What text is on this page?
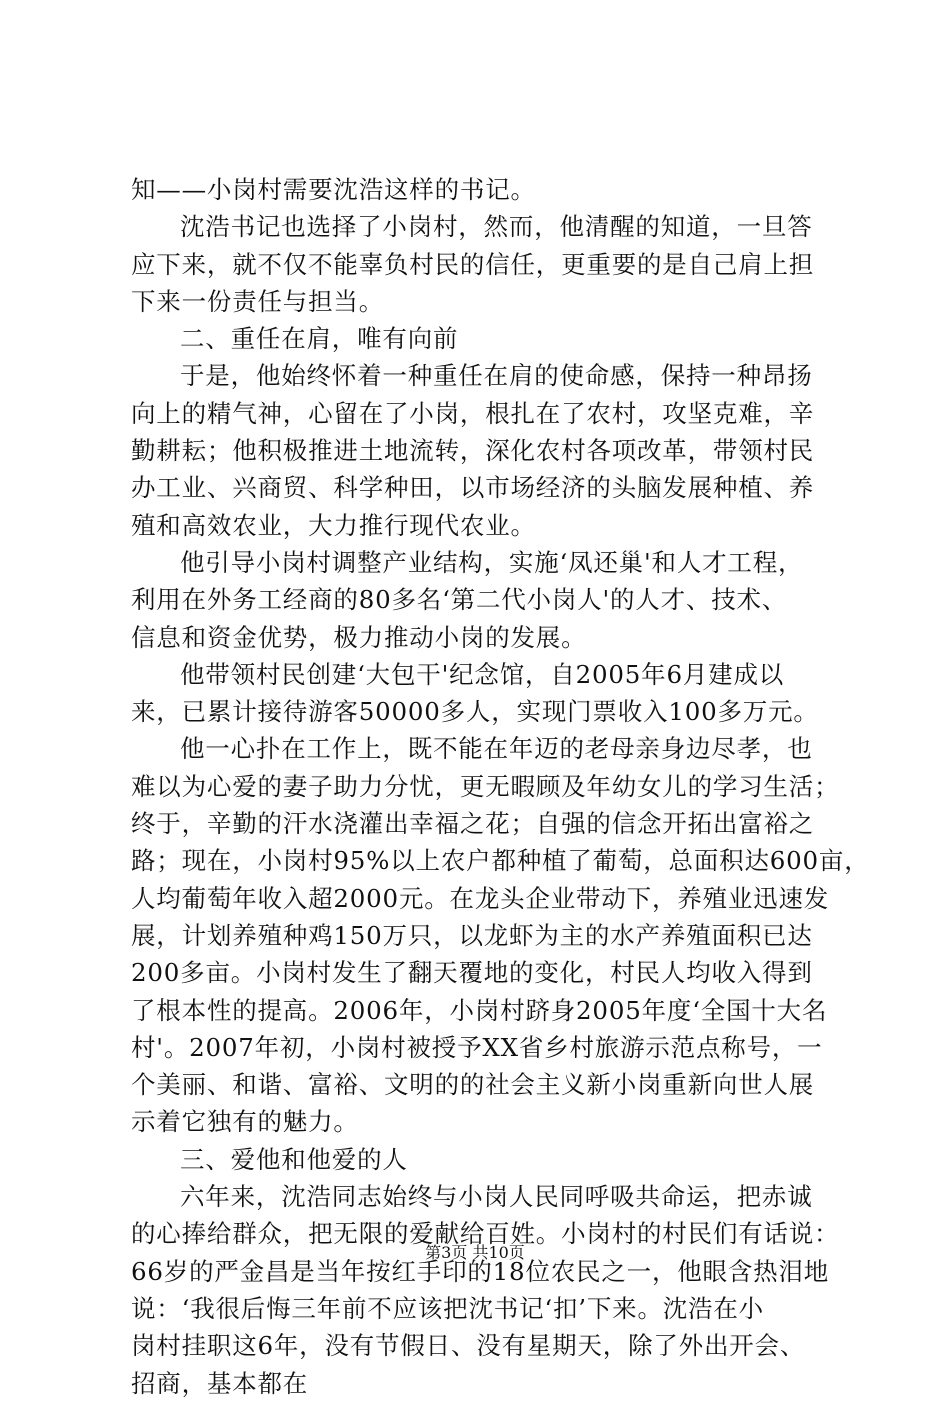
知——小岗村需要沈浩这样的书记。
沈浩书记也选择了小岗村，然而，他清醒的知道，一旦答
应下来，就不仅不能辜负村民的信任，更重要的是自己肩上担
下来一份责任与担当。
二、重任在肩，唯有向前
于是，他始终怀着一种重任在肩的使命感，保持一种昂扬
向上的精气神，心留在了小岗，根扎在了农村，攻坚克难，辛
勤耕耘；他积极推进土地流转，深化农村各项改革，带领村民
办工业、兴商贸、科学种田，以市场经济的头脑发展种植、养
殖和高效农业，大力推行现代农业。
他引导小岗村调整产业结构，实施‘凤还巢'和人才工程，
利用在外务工经商的80多名‘第二代小岗人'的人才、技术、
信息和资金优势，极力推动小岗的发展。
他带领村民创建‘大包干'纪念馆，自2005年6月建成以
来，已累计接待游客50000多人，实现门票收入100多万元。
他一心扑在工作上，既不能在年迈的老母亲身边尽孝，也
难以为心爱的妻子助力分忧，更无暇顾及年幼女儿的学习生活；
终于，辛勤的汗水浇灌出幸福之花；自强的信念开拓出富裕之
路；现在，小岗村95%以上农户都种植了葡萄，总面积达600亩，
人均葡萄年收入超2000元。在龙头企业带动下，养殖业迅速发
展，计划养殖种鸡150万只，以龙虾为主的水产养殖面积已达
200多亩。小岗村发生了翻天覆地的变化，村民人均收入得到
了根本性的提高。2006年，小岗村跻身2005年度‘全国十大名
村'。2007年初，小岗村被授予XX省乡村旅游示范点称号，一
个美丽、和谐、富裕、文明的的社会主义新小岗重新向世人展
示着它独有的魅力。
三、爱他和他爱的人
六年来，沈浩同志始终与小岗人民同呼吸共命运，把赤诚
的心捧给群众，把无限的爱献给百姓。小岗村的村民们有话说：
66岁的严金昌是当年按红手印的18位农民之一，他眼含热泪地
说：‘我很后悔三年前不应该把沈书记‘扣’下来。沈浩在小
岗村挂职这6年，没有节假日、没有星期天，除了外出开会、
招商，基本都在
第3页 共10页
